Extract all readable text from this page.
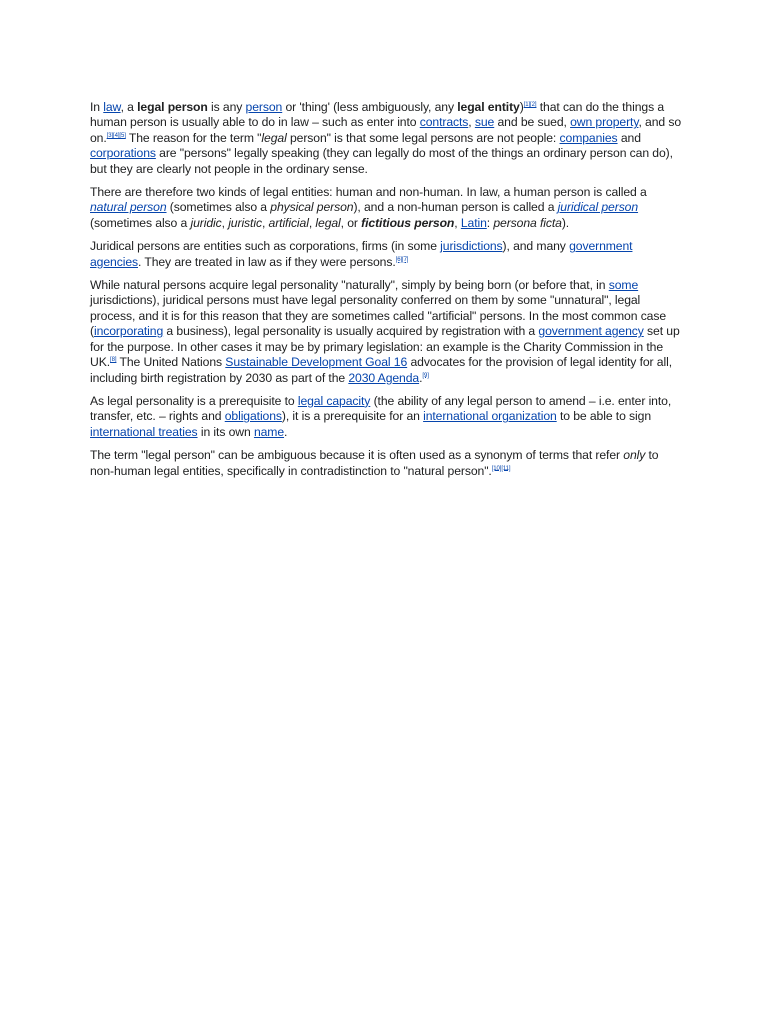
In law, a legal person is any person or 'thing' (less ambiguously, any legal entity)[1][2] that can do the things a human person is usually able to do in law – such as enter into contracts, sue and be sued, own property, and so on.[3][4][5] The reason for the term "legal person" is that some legal persons are not people: companies and corporations are "persons" legally speaking (they can legally do most of the things an ordinary person can do), but they are clearly not people in the ordinary sense.

There are therefore two kinds of legal entities: human and non-human. In law, a human person is called a natural person (sometimes also a physical person), and a non-human person is called a juridical person (sometimes also a juridic, juristic, artificial, legal, or fictitious person, Latin: persona ficta).

Juridical persons are entities such as corporations, firms (in some jurisdictions), and many government agencies. They are treated in law as if they were persons.[6][7]

While natural persons acquire legal personality "naturally", simply by being born (or before that, in some jurisdictions), juridical persons must have legal personality conferred on them by some "unnatural", legal process, and it is for this reason that they are sometimes called "artificial" persons. In the most common case (incorporating a business), legal personality is usually acquired by registration with a government agency set up for the purpose. In other cases it may be by primary legislation: an example is the Charity Commission in the UK.[8] The United Nations Sustainable Development Goal 16 advocates for the provision of legal identity for all, including birth registration by 2030 as part of the 2030 Agenda.[9]

As legal personality is a prerequisite to legal capacity (the ability of any legal person to amend – i.e. enter into, transfer, etc. – rights and obligations), it is a prerequisite for an international organization to be able to sign international treaties in its own name.

The term "legal person" can be ambiguous because it is often used as a synonym of terms that refer only to non-human legal entities, specifically in contradistinction to "natural person".[10][11]
